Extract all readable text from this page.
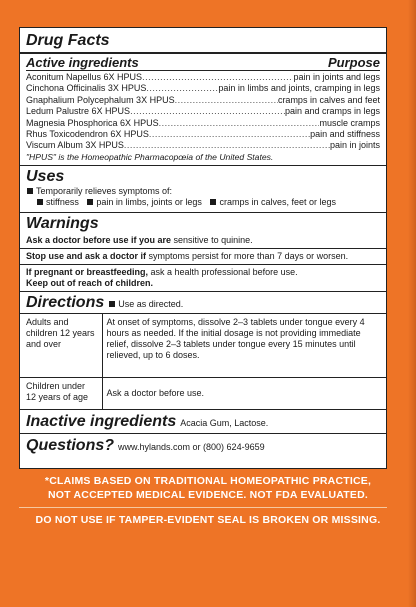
Drug Facts
Active ingredients	Purpose
Aconitum Napellus 6X HPUS .....	pain in joints and legs
Cinchona Officinalis 3X HPUS .....	pain in limbs and joints, cramping in legs
Gnaphalium Polycephalum 3X HPUS .....	cramps in calves and feet
Ledum Palustre 6X HPUS .....	pain and cramps in legs
Magnesia Phosphorica 6X HPUS .....	muscle cramps
Rhus Toxicodendron 6X HPUS .....	pain and stiffness
Viscum Album 3X HPUS .....	pain in joints
"HPUS" is the Homeopathic Pharmacopœia of the United States.
Uses
Temporarily relieves symptoms of:
stiffness pain in limbs, joints or legs cramps in calves, feet or legs
Warnings
Ask a doctor before use if you are sensitive to quinine.
Stop use and ask a doctor if symptoms persist for more than 7 days or worsen.
If pregnant or breastfeeding, ask a health professional before use.
Keep out of reach of children.
Directions	Use as directed.
Adults and children 12 years and over	At onset of symptoms, dissolve 2–3 tablets under tongue every 4 hours as needed. If the initial dosage is not providing immediate relief, dissolve 2–3 tablets under tongue every 15 minutes until relieved, up to 6 doses.
Children under 12 years of age	Ask a doctor before use.
Inactive ingredients Acacia Gum, Lactose.
Questions? www.hylands.com or (800) 624-9659
*CLAIMS BASED ON TRADITIONAL HOMEOPATHIC PRACTICE,
NOT ACCEPTED MEDICAL EVIDENCE. NOT FDA EVALUATED.
DO NOT USE IF TAMPER-EVIDENT SEAL IS BROKEN OR MISSING.
